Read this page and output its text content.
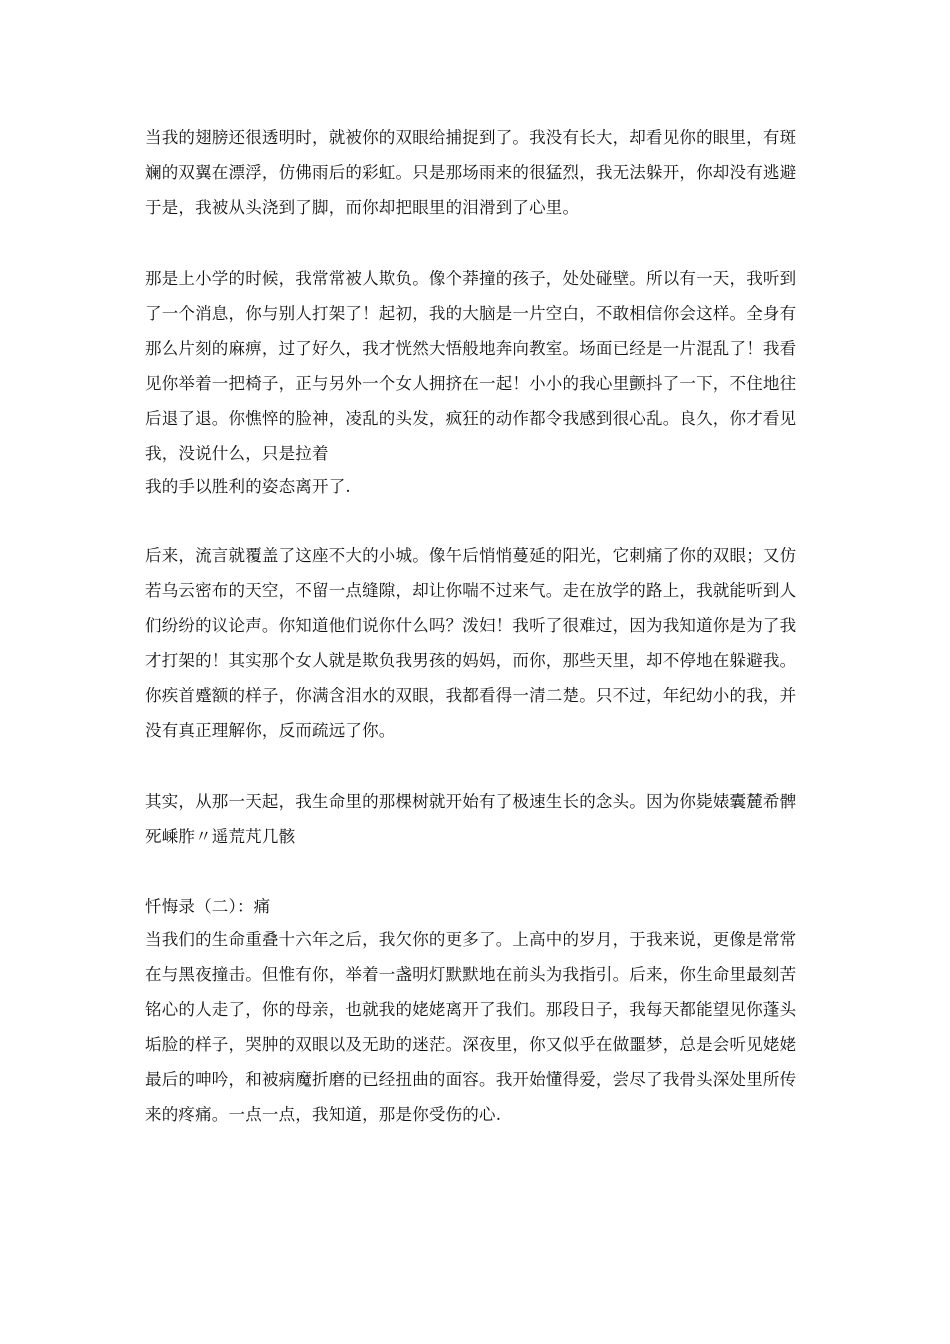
当我的翅膀还很透明时，就被你的双眼给捕捉到了。我没有长大，却看见你的眼里，有斑
斓的双翼在漂浮，仿佛雨后的彩虹。只是那场雨来的很猛烈，我无法躲开，你却没有逃避
于是，我被从头浇到了脚，而你却把眼里的泪滑到了心里。
那是上小学的时候，我常常被人欺负。像个莽撞的孩子，处处碰壁。所以有一天，我听到
了一个消息，你与别人打架了！起初，我的大脑是一片空白，不敢相信你会这样。全身有
那么片刻的麻痹，过了好久，我才恍然大悟般地奔向教室。场面已经是一片混乱了！我看
见你举着一把椅子，正与另外一个女人拥挤在一起！小小的我心里颤抖了一下，不住地往
后退了退。你憔悴的脸神，凌乱的头发，疯狂的动作都令我感到很心乱。良久，你才看见
我，没说什么，只是拉着
我的手以胜利的姿态离开了.
后来，流言就覆盖了这座不大的小城。像午后悄悄蔓延的阳光，它刺痛了你的双眼；又仿
若乌云密布的天空，不留一点缝隙，却让你喘不过来气。走在放学的路上，我就能听到人
们纷纷的议论声。你知道他们说你什么吗？泼妇！我听了很难过，因为我知道你是为了我
才打架的！其实那个女人就是欺负我男孩的妈妈，而你，那些天里，却不停地在躲避我。
你疾首蹙额的样子，你满含泪水的双眼，我都看得一清二楚。只不过，年纪幼小的我，并
没有真正理解你，反而疏远了你。
其实，从那一天起，我生命里的那棵树就开始有了极速生长的念头。因为你毙婊囊麓希髀
死嵊胙〃遥荒芃几骸
忏悔录（二）：痛
当我们的生命重叠十六年之后，我欠你的更多了。上高中的岁月，于我来说，更像是常常
在与黑夜撞击。但惟有你，举着一盏明灯默默地在前头为我指引。后来，你生命里最刻苦
铭心的人走了，你的母亲，也就我的姥姥离开了我们。那段日子，我每天都能望见你蓬头
垢脸的样子，哭肿的双眼以及无助的迷茫。深夜里，你又似乎在做噩梦，总是会听见姥姥
最后的呻吟，和被病魔折磨的已经扭曲的面容。我开始懂得爱，尝尽了我骨头深处里所传
来的疼痛。一点一点，我知道，那是你受伤的心.
